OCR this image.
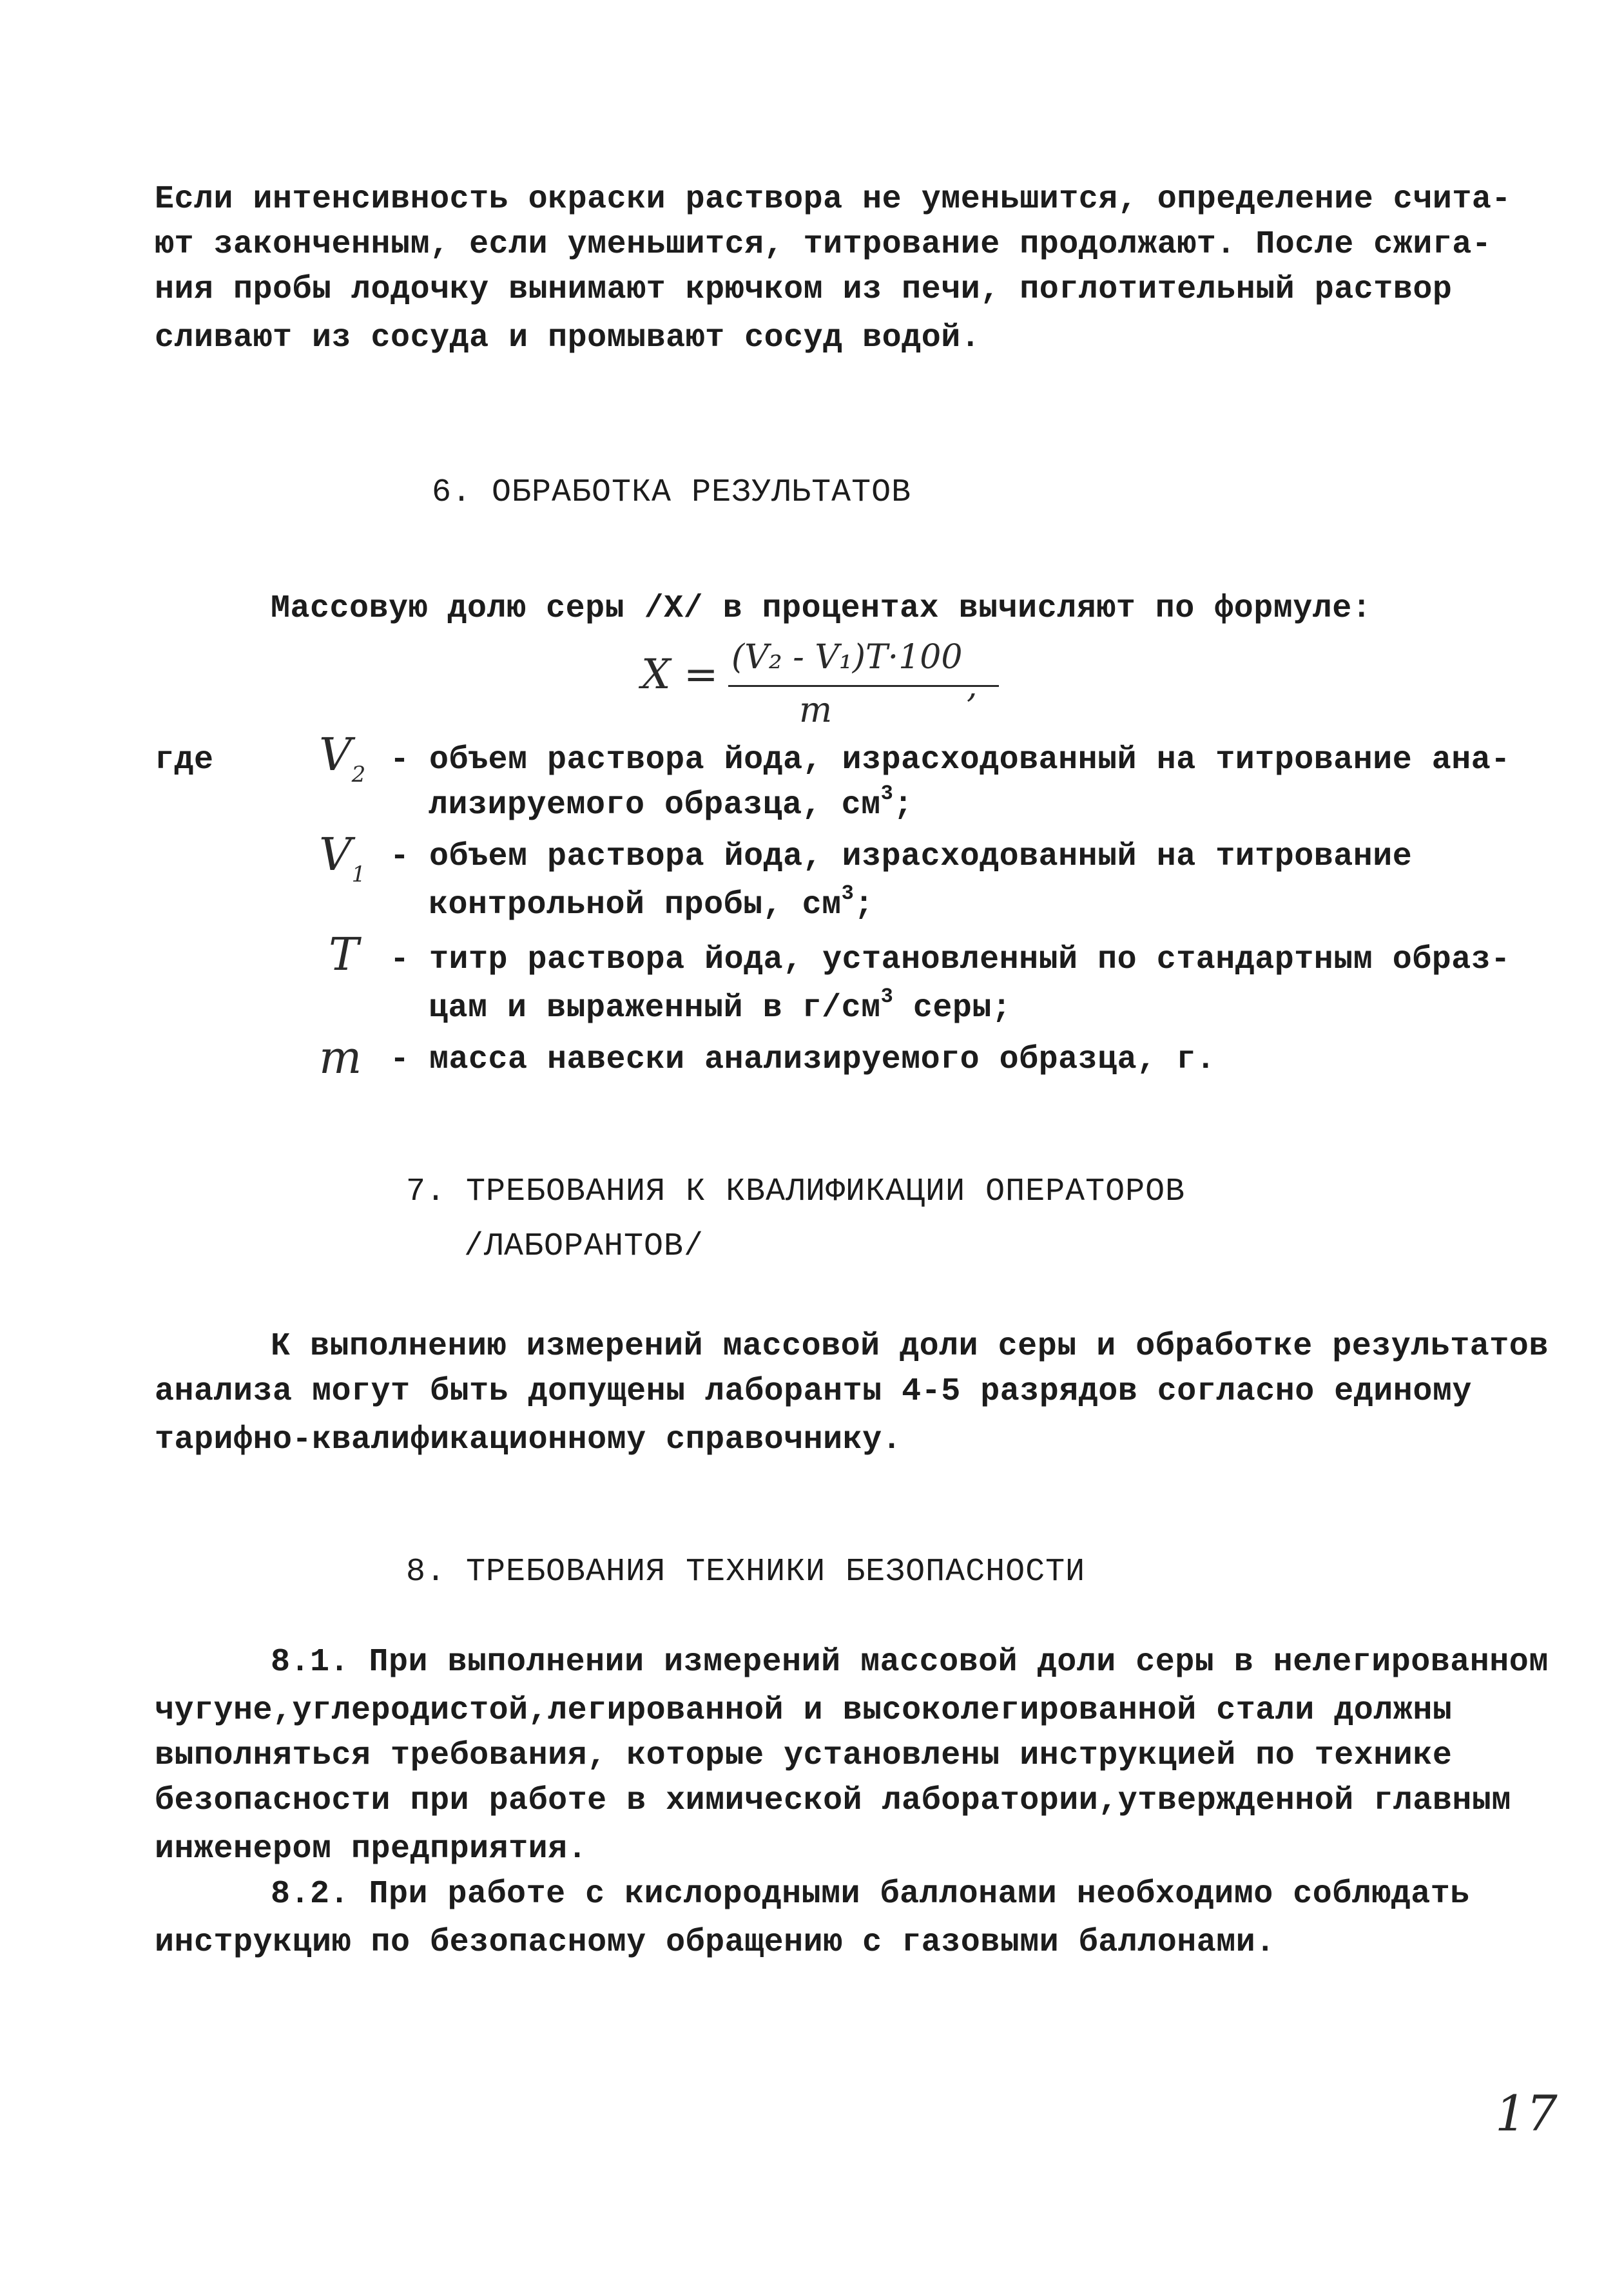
Если интенсивность окраски раствора не уменьшится, определение счита-
ют законченным, если уменьшится, титрование продолжают. После сжига-
ния пробы лодочку вынимают крючком из печи, поглотительный раствор
сливают из сосуда и промывают сосуд водой.
6. ОБРАБОТКА РЕЗУЛЬТАТОВ
Массовую долю серы /X/ в процентах вычисляют по формуле:
X = (V₂ - V₁)T·100
m
,
где $V_2$ - объем раствора йода, израсходованный на титрование ана-
лизируемого образца, $см^3$;
$V_1$ - объем раствора йода, израсходованный на титрование
контрольной пробы, $см^3$;
T - титр раствора йода, установленный по стандартным образ-
цам и выраженный в $г/см^3$ серы;
m - масса навески анализируемого образца, г.
7. ТРЕБОВАНИЯ К КВАЛИФИКАЦИИ ОПЕРАТОРОВ
/ЛАБОРАНТОВ/
К выполнению измерений массовой доли серы и обработке результатов
анализа могут быть допущены лаборанты 4-5 разрядов согласно единому
тарифно-квалификационному справочнику.
8. ТРЕБОВАНИЯ ТЕХНИКИ БЕЗОПАСНОСТИ
8.1. При выполнении измерений массовой доли серы в нелегированном
чугуне,углеродистой,легированной и высоколегированной стали должны
выполняться требования, которые установлены инструкцией по технике
безопасности при работе в химической лаборатории,утвержденной главным
инженером предприятия.
8.2. При работе с кислородными баллонами необходимо соблюдать
инструкцию по безопасному обращению с газовыми баллонами.
17
